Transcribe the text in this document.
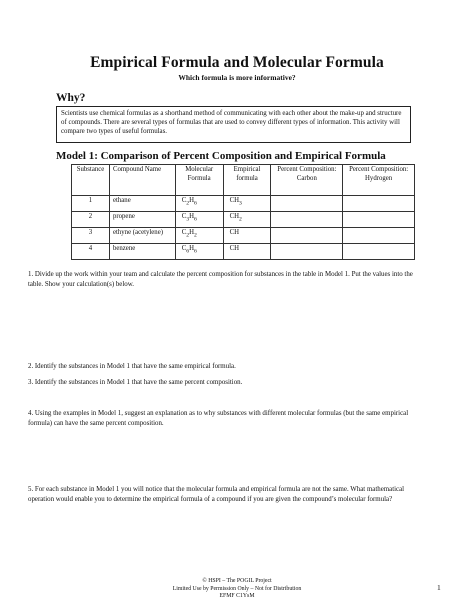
Empirical Formula and Molecular Formula
Which formula is more informative?
Why?
Scientists use chemical formulas as a shorthand method of communicating with each other about the make-up and structure of compounds. There are several types of formulas that are used to convey different types of information. This activity will compare two types of useful formulas.
Model 1: Comparison of Percent Composition and Empirical Formula
Substance	Compound Name	Molecular Formula	Empirical formula	Percent Composition: Carbon	Percent Composition: Hydrogen
1	ethane	$C_2H_6$	$CH_3$		
2	propene	$C_3H_6$	$CH_2$		
3	ethyne (acetylene)	$C_2H_2$	CH		
4	benzene	$C_6H_6$	CH		
1. Divide up the work within your team and calculate the percent composition for substances in the table in Model 1. Put the values into the table. Show your calculation(s) below.
2. Identify the substances in Model 1 that have the same empirical formula.
3. Identify the substances in Model 1 that have the same percent composition.
4. Using the examples in Model 1, suggest an explanation as to why substances with different molecular formulas (but the same empirical formula) can have the same percent composition.
5. For each substance in Model 1 you will notice that the molecular formula and empirical formula are not the same. What mathematical operation would enable you to determine the empirical formula of a compound if you are given the compound’s molecular formula?
© HSPI – The POGIL Project
Limited Use by Permission Only – Not for Distribution
EFMF C1YsM
1
